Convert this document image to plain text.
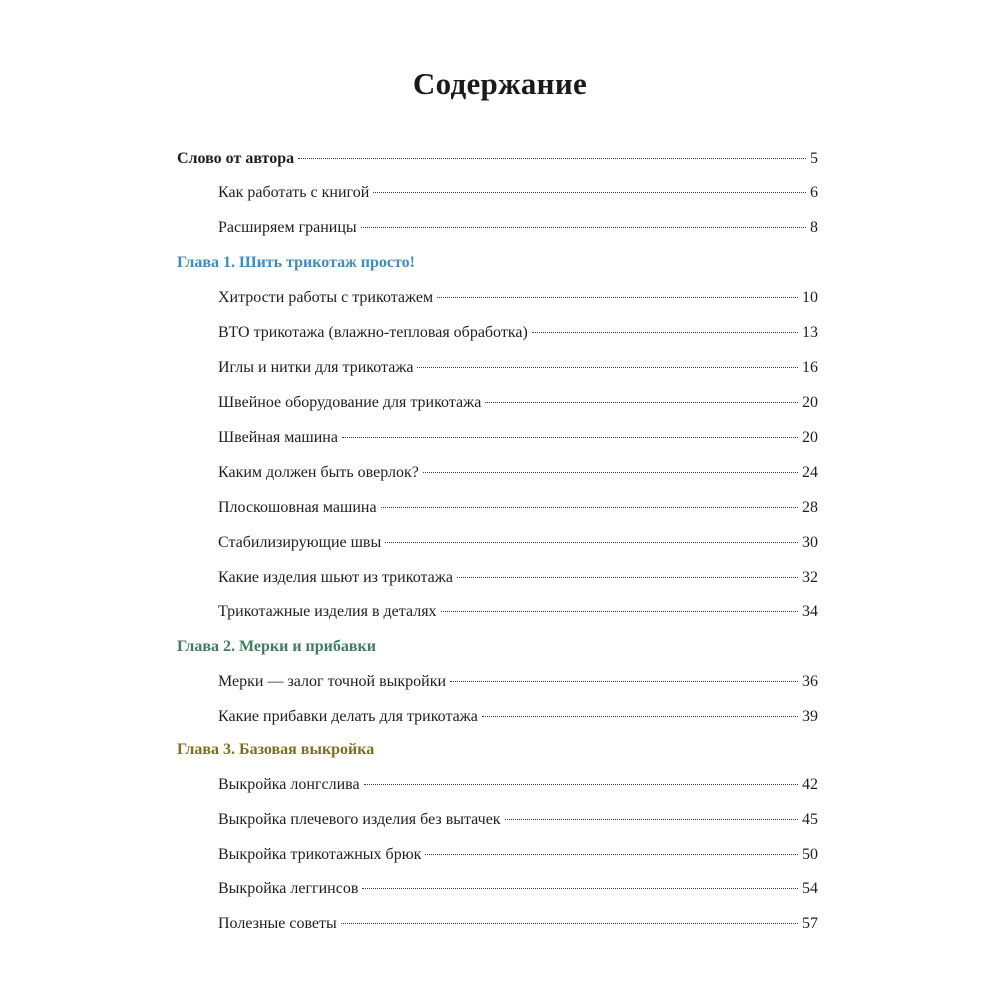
Содержание
Слово от автора	5
Как работать с книгой	6
Расширяем границы	8
Глава 1. Шить трикотаж просто!
Хитрости работы с трикотажем	10
ВТО трикотажа (влажно-тепловая обработка)	13
Иглы и нитки для трикотажа	16
Швейное оборудование для трикотажа	20
Швейная машина	20
Каким должен быть оверлок?	24
Плоскошовная машина	28
Стабилизирующие швы	30
Какие изделия шьют из трикотажа	32
Трикотажные изделия в деталях	34
Глава 2. Мерки и прибавки
Мерки — залог точной выкройки	36
Какие прибавки делать для трикотажа	39
Глава 3. Базовая выкройка
Выкройка лонгслива	42
Выкройка плечевого изделия без вытачек	45
Выкройка трикотажных брюк	50
Выкройка леггинсов	54
Полезные советы	57
